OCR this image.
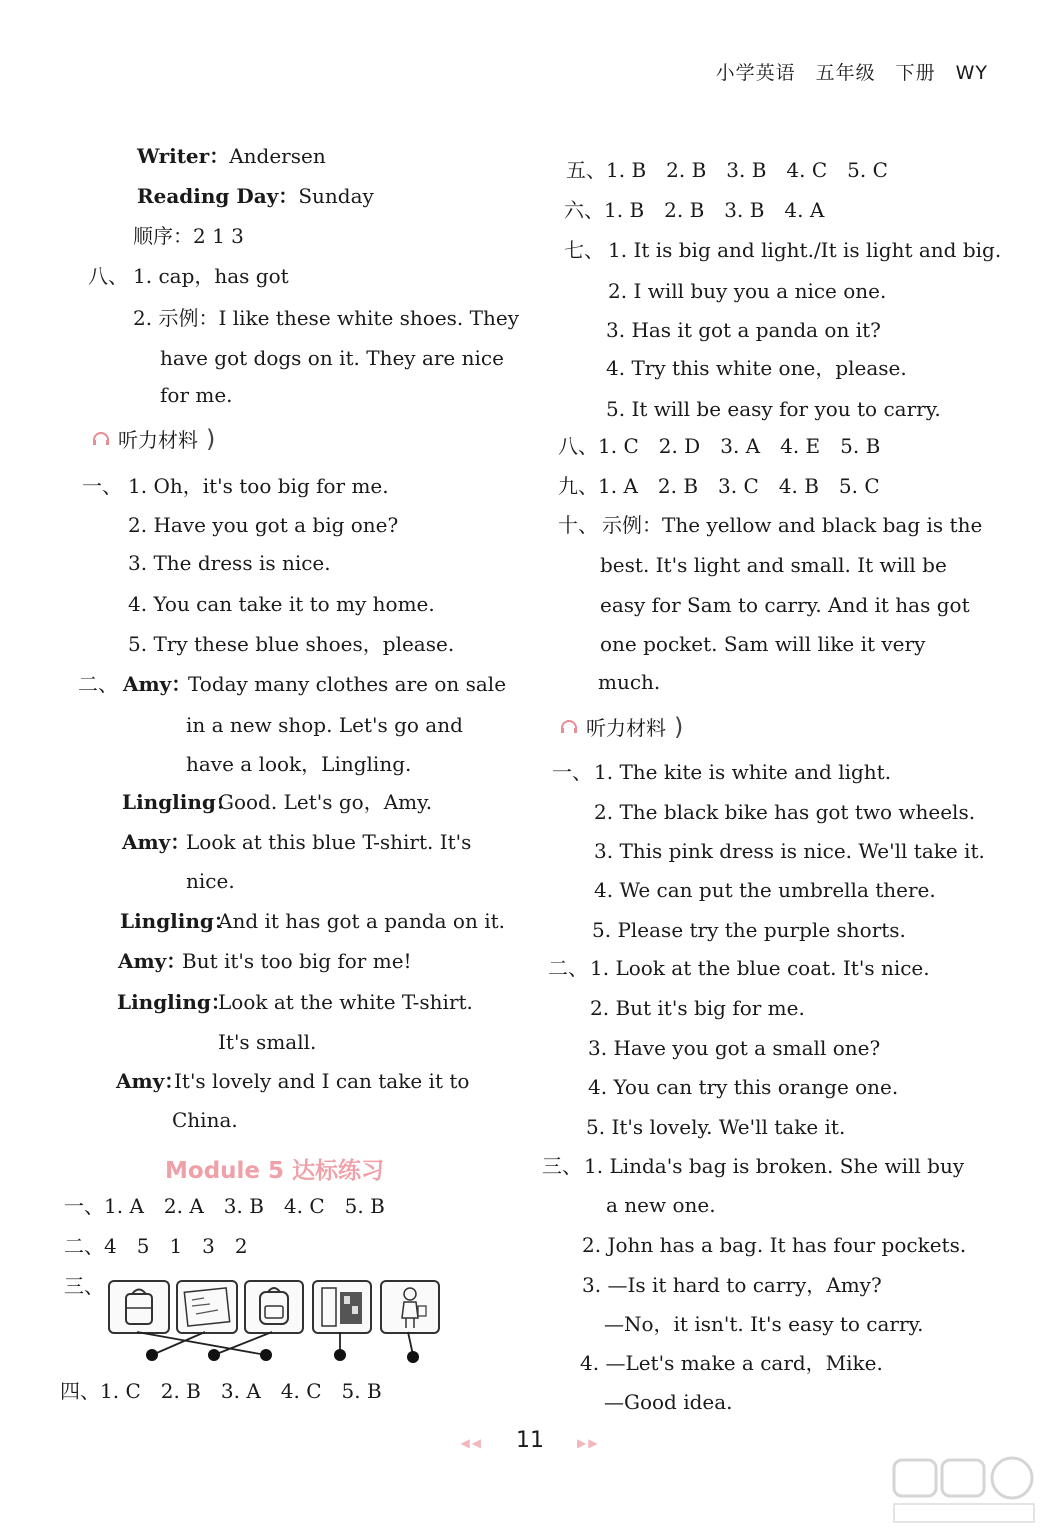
小学英语　五年级　下册　WY
Writer：Andersen
Reading Day：Sunday
顺序：2 1 3
八、 1. cap，has got
2. 示例：I like these white shoes. They
have got dogs on it. They are nice
for me.
听力材料 )
一、 1. Oh，it's too big for me.
2. Have you got a big one?
3. The dress is nice.
4. You can take it to my home.
5. Try these blue shoes，please.
二、 Amy：
Today many clothes are on sale
in a new shop. Let's go and
have a look，Lingling.
Lingling：
Good. Let's go，Amy.
Amy：
Look at this blue T-shirt. It's
nice.
Lingling：
And it has got a panda on it.
Amy：
But it's too big for me!
Lingling：
Look at the white T-shirt.
It's small.
Amy：
It's lovely and I can take it to
China.
Module 5 达标练习
一、1. A　2. A　3. B　4. C　5. B
二、4　5　1　3　2
三、
四、1. C　2. B　3. A　4. C　5. B
五、1. B　2. B　3. B　4. C　5. C
六、1. B　2. B　3. B　4. A
七、 1. It is big and light./It is light and big.
2. I will buy you a nice one.
3. Has it got a panda on it?
4. Try this white one，please.
5. It will be easy for you to carry.
八、1. C　2. D　3. A　4. E　5. B
九、1. A　2. B　3. C　4. B　5. C
十、 示例：The yellow and black bag is the
best. It's light and small. It will be
easy for Sam to carry. And it has got
one pocket. Sam will like it very
much.
听力材料 )
一、 1. The kite is white and light.
2. The black bike has got two wheels.
3. This pink dress is nice. We'll take it.
4. We can put the umbrella there.
5. Please try the purple shorts.
二、 1. Look at the blue coat. It's nice.
2. But it's big for me.
3. Have you got a small one?
4. You can try this orange one.
5. It's lovely. We'll take it.
三、 1. Linda's bag is broken. She will buy
a new one.
2. John has a bag. It has four pockets.
3. —Is it hard to carry，Amy?
—No，it isn't. It's easy to carry.
4. —Let's make a card，Mike.
—Good idea.
◀◀ 11	▶▶
